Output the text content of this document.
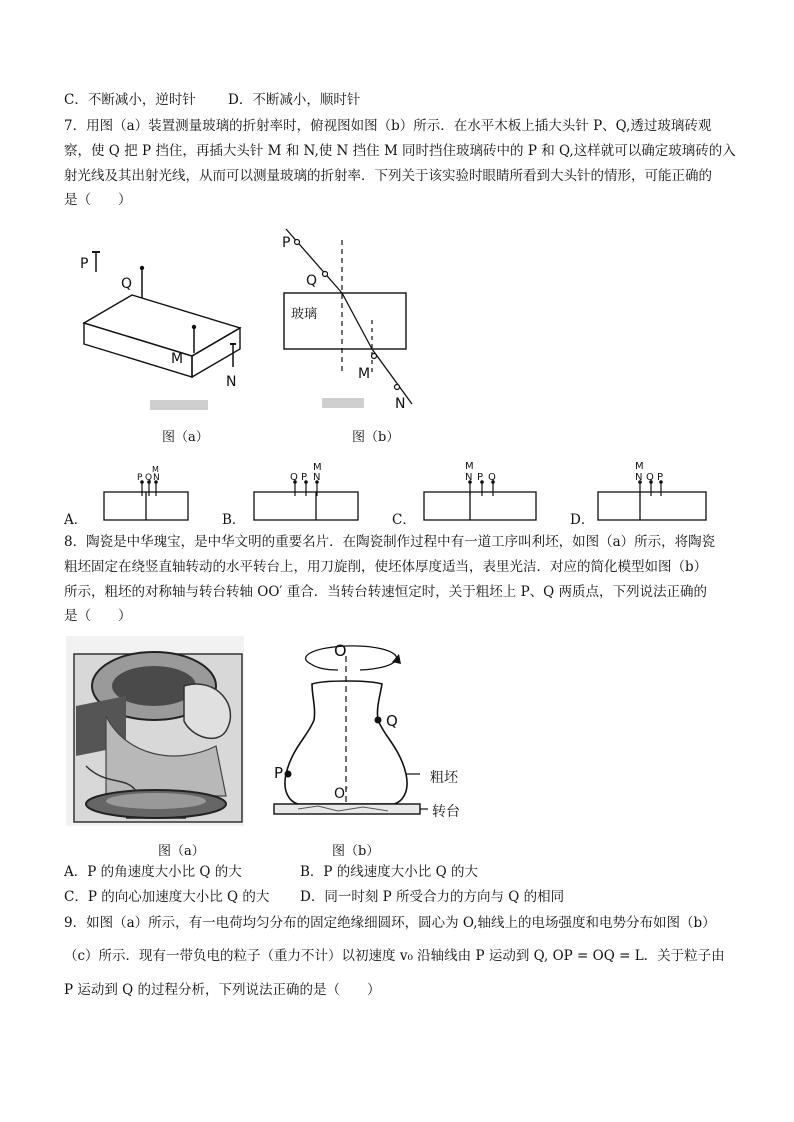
C．不断减小，逆时针 D．不断减小，顺时针
7．用图（a）装置测量玻璃的折射率时，俯视图如图（b）所示．在水平木板上插大头针 P、Q,透过玻璃砖观
察，使 Q 把 P 挡住，再插大头针 M 和 N,使 N 挡住 M 同时挡住玻璃砖中的 P 和 Q,这样就可以确定玻璃砖的入
射光线及其出射光线，从而可以测量玻璃的折射率．下列关于该实验时眼睛所看到大头针的情形，可能正确的
是（　　）
P
Q
M
N
P
Q
玻璃
M
N
图（a）	图（b）
A．
P Q
M
N
B．
Q P
M
N
C．
M
N P Q
D．
M
N Q P
8．陶瓷是中华瑰宝，是中华文明的重要名片．在陶瓷制作过程中有一道工序叫利坯，如图（a）所示，将陶瓷
粗坯固定在绕竖直轴转动的水平转台上，用刀旋削，使坯体厚度适当，表里光洁．对应的简化模型如图（b）
所示，粗坯的对称轴与转台转轴 OO′ 重合．当转台转速恒定时，关于粗坯上 P、Q 两质点，下列说法正确的
是（　　）
O
Q
P
O′
粗坯
转台
图（a）	图（b）
A．P 的角速度大小比 Q 的大	B．P 的线速度大小比 Q 的大
C．P 的向心加速度大小比 Q 的大 D．同一时刻 P 所受合力的方向与 Q 的相同
9．如图（a）所示，有一电荷均匀分布的固定绝缘细圆环，圆心为 O,轴线上的电场强度和电势分布如图（b）
（c）所示．现有一带负电的粒子（重力不计）以初速度 v₀ 沿轴线由 P 运动到 Q, OP = OQ = L．关于粒子由
P 运动到 Q 的过程分析，下列说法正确的是（　　）
